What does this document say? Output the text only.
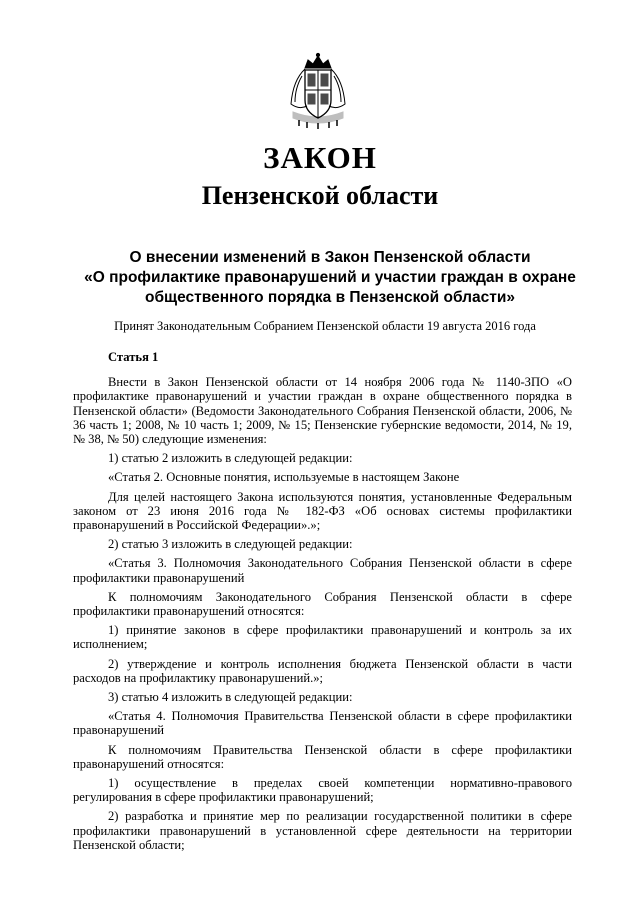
ЗАКОН
Пензенской области
О внесении изменений в Закон Пензенской области
«О профилактике правонарушений и участии граждан в охране
общественного порядка в Пензенской области»
Принят Законодательным Собранием Пензенской области 19 августа 2016 года

Статья 1

Внести в Закон Пензенской области от 14 ноября 2006 года № 1140-ЗПО «О профилактике правонарушений и участии граждан в охране общественного порядка в Пензенской области» (Ведомости Законодательного Собрания Пензенской области, 2006, № 36 часть 1; 2008, № 10 часть 1; 2009, № 15; Пензенские губернские ведомости, 2014, № 19, № 38, № 50) следующие изменения:

1) статью 2 изложить в следующей редакции:

«Статья 2. Основные понятия, используемые в настоящем Законе

Для целей настоящего Закона используются понятия, установленные Федеральным законом от 23 июня 2016 года № 182-ФЗ «Об основах системы профилактики правонарушений в Российской Федерации».»;

2) статью 3 изложить в следующей редакции:

«Статья 3. Полномочия Законодательного Собрания Пензенской области в сфере профилактики правонарушений

К полномочиям Законодательного Собрания Пензенской области в сфере профилактики правонарушений относятся:

1) принятие законов в сфере профилактики правонарушений и контроль за их исполнением;

2) утверждение и контроль исполнения бюджета Пензенской области в части расходов на профилактику правонарушений.»;

3) статью 4 изложить в следующей редакции:

«Статья 4. Полномочия Правительства Пензенской области в сфере профилактики правонарушений

К полномочиям Правительства Пензенской области в сфере профилактики правонарушений относятся:

1) осуществление в пределах своей компетенции нормативно-правового регулирования в сфере профилактики правонарушений;

2) разработка и принятие мер по реализации государственной политики в сфере профилактики правонарушений в установленной сфере деятельности на территории Пензенской области;
